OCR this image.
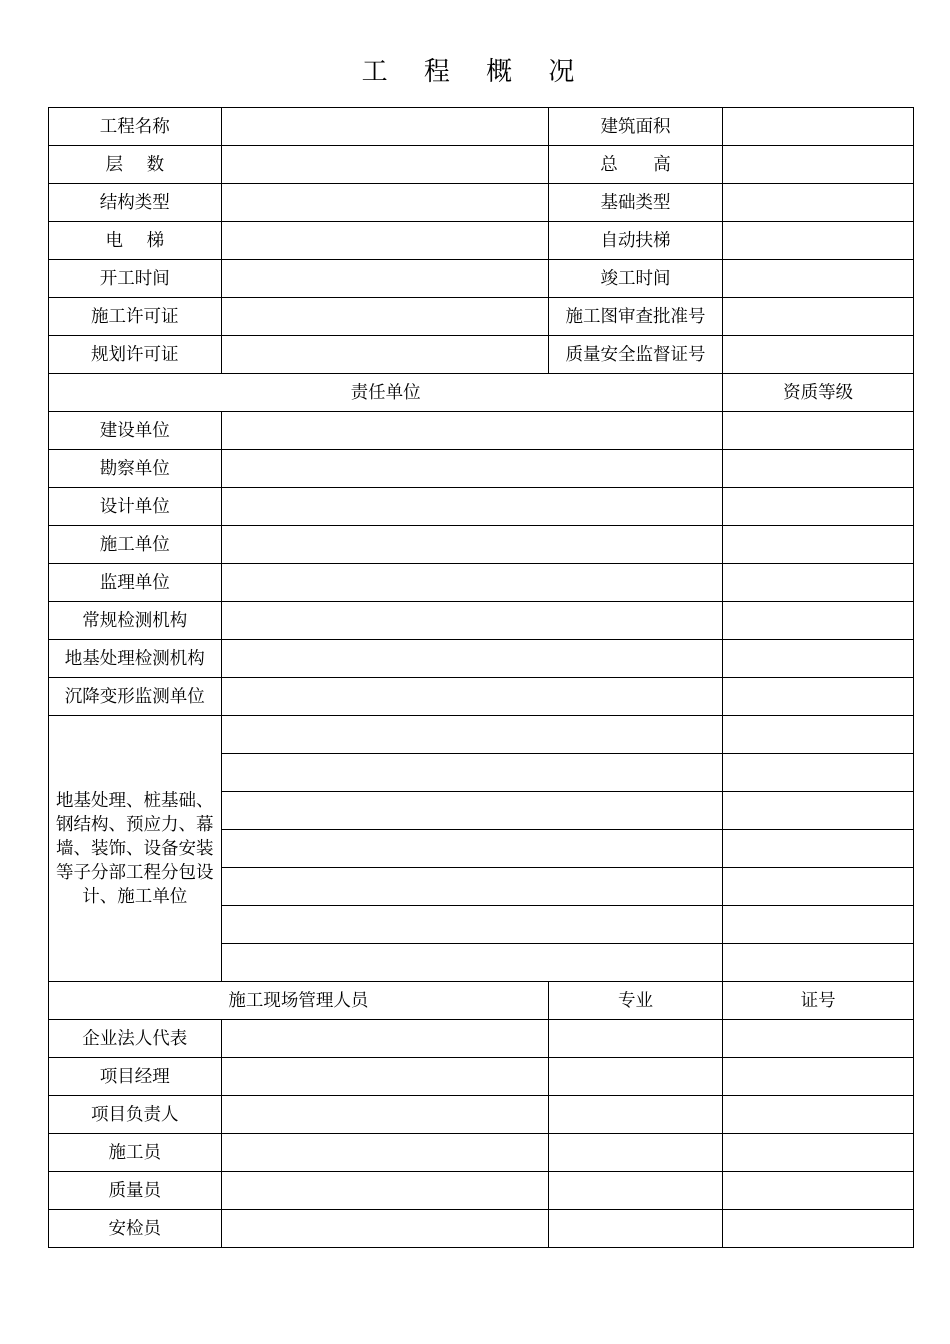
工 程 概 况
工程名称		建筑面积	
层 数		总 高	
结构类型		基础类型	
电 梯		自动扶梯	
开工时间		竣工时间	
施工许可证		施工图审查批准号	
规划许可证		质量安全监督证号	
责任单位			资质等级
建设单位			
勘察单位			
设计单位			
施工单位			
监理单位			
常规检测机构			
地基处理检测机构			
沉降变形监测单位			
地基处理、桩基础、钢结构、预应力、幕墙、装饰、设备安装等子分部工程分包设计、施工单位			

施工现场管理人员		专业	证号
企业法人代表			
项目经理			
项目负责人			
施工员			
质量员			
安检员			
